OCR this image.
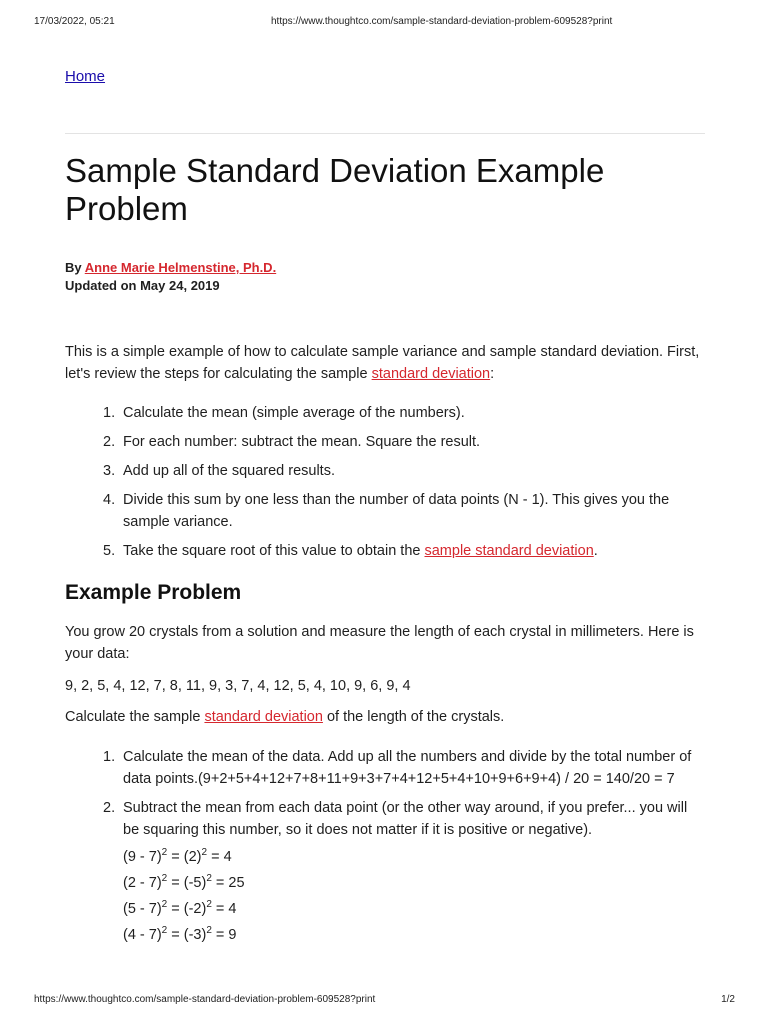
17/03/2022, 05:21	https://www.thoughtco.com/sample-standard-deviation-problem-609528?print
Home
Sample Standard Deviation Example Problem
By Anne Marie Helmenstine, Ph.D.
Updated on May 24, 2019

This is a simple example of how to calculate sample variance and sample standard deviation. First, let's review the steps for calculating the sample standard deviation:

1. Calculate the mean (simple average of the numbers).
2. For each number: subtract the mean. Square the result.
3. Add up all of the squared results.
4. Divide this sum by one less than the number of data points (N - 1). This gives you the sample variance.
5. Take the square root of this value to obtain the sample standard deviation.
Example Problem

You grow 20 crystals from a solution and measure the length of each crystal in millimeters. Here is your data:

9, 2, 5, 4, 12, 7, 8, 11, 9, 3, 7, 4, 12, 5, 4, 10, 9, 6, 9, 4

Calculate the sample standard deviation of the length of the crystals.

1. Calculate the mean of the data. Add up all the numbers and divide by the total number of data points.(9+2+5+4+12+7+8+11+9+3+7+4+12+5+4+10+9+6+9+4) / 20 = 140/20 = 7
2. Subtract the mean from each data point (or the other way around, if you prefer... you will be squaring this number, so it does not matter if it is positive or negative).
$(9 - 7)^2 = (2)^2 = 4$
$(2 - 7)^2 = (-5)^2 = 25$
$(5 - 7)^2 = (-2)^2 = 4$
$(4 - 7)^2 = (-3)^2 = 9$
https://www.thoughtco.com/sample-standard-deviation-problem-609528?print	1/2
